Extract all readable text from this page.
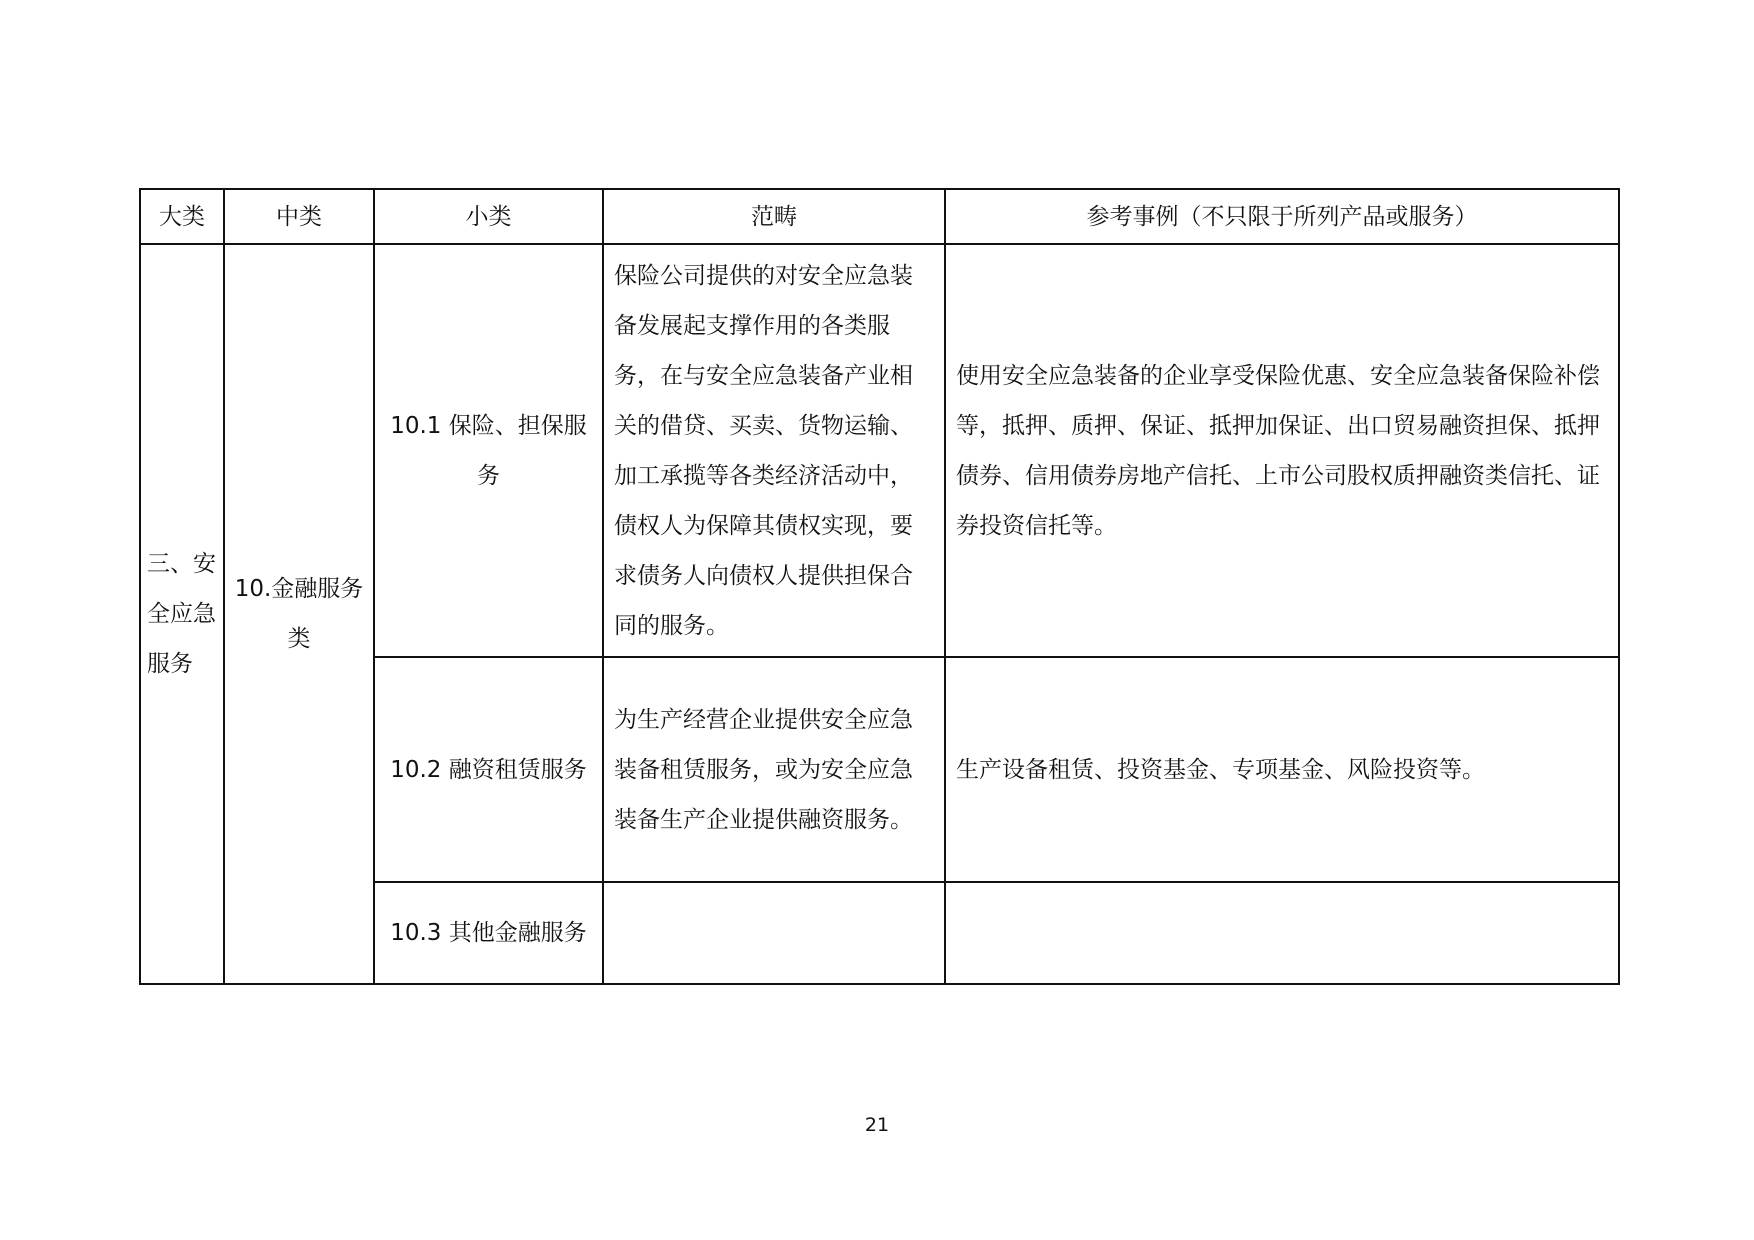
大类	中类	小类	范畴	参考事例（不只限于所列产品或服务）
三、安全应急服务	10.金融服务类	10.1 保险、担保服务	保险公司提供的对安全应急装备发展起支撑作用的各类服务，在与安全应急装备产业相关的借贷、买卖、货物运输、加工承揽等各类经济活动中，债权人为保障其债权实现，要求债务人向债权人提供担保合同的服务。	使用安全应急装备的企业享受保险优惠、安全应急装备保险补偿等，抵押、质押、保证、抵押加保证、出口贸易融资担保、抵押债券、信用债券房地产信托、上市公司股权质押融资类信托、证券投资信托等。
		10.2 融资租赁服务	为生产经营企业提供安全应急装备租赁服务，或为安全应急装备生产企业提供融资服务。	生产设备租赁、投资基金、专项基金、风险投资等。
		10.3 其他金融服务		
21
